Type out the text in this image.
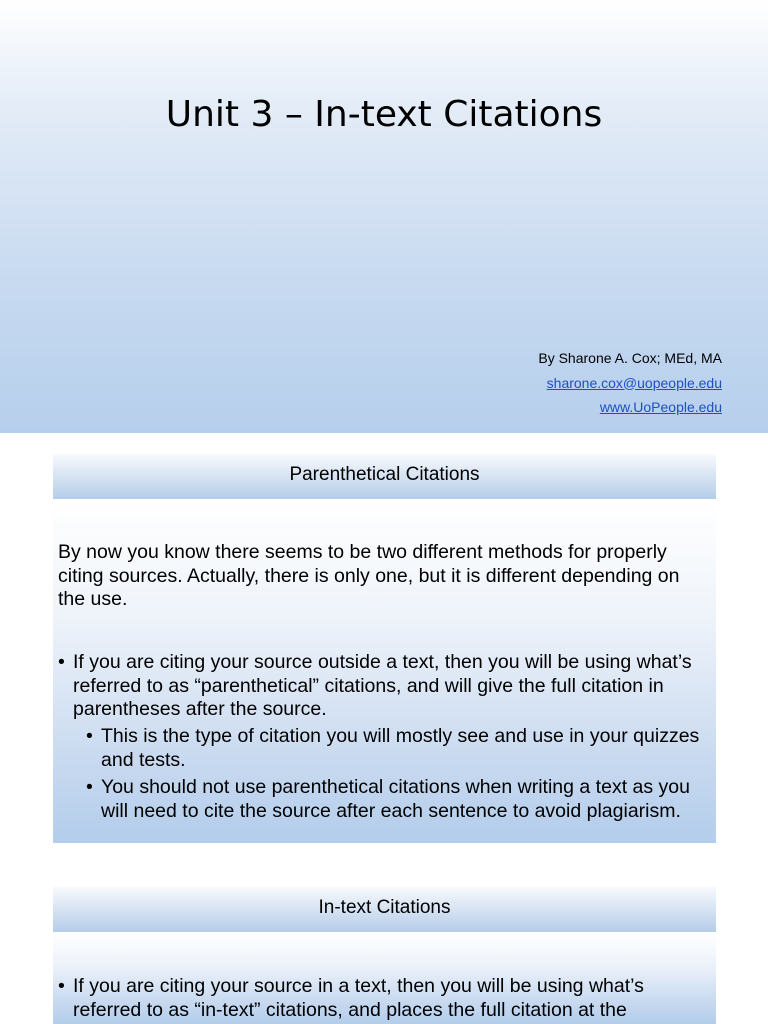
Unit 3 – In-text Citations
By Sharone A. Cox; MEd, MA
sharone.cox@uopeople.edu
www.UoPeople.edu
Parenthetical Citations

By now you know there seems to be two different methods for properly citing sources. Actually, there is only one, but it is different depending on the use.

• If you are citing your source outside a text, then you will be using what’s referred to as “parenthetical” citations, and will give the full citation in parentheses after the source.
• This is the type of citation you will mostly see and use in your quizzes and tests.
• You should not use parenthetical citations when writing a text as you will need to cite the source after each sentence to avoid plagiarism.
In-text Citations
• If you are citing your source in a text, then you will be using what’s referred to as “in-text” citations, and places the full citation at the
